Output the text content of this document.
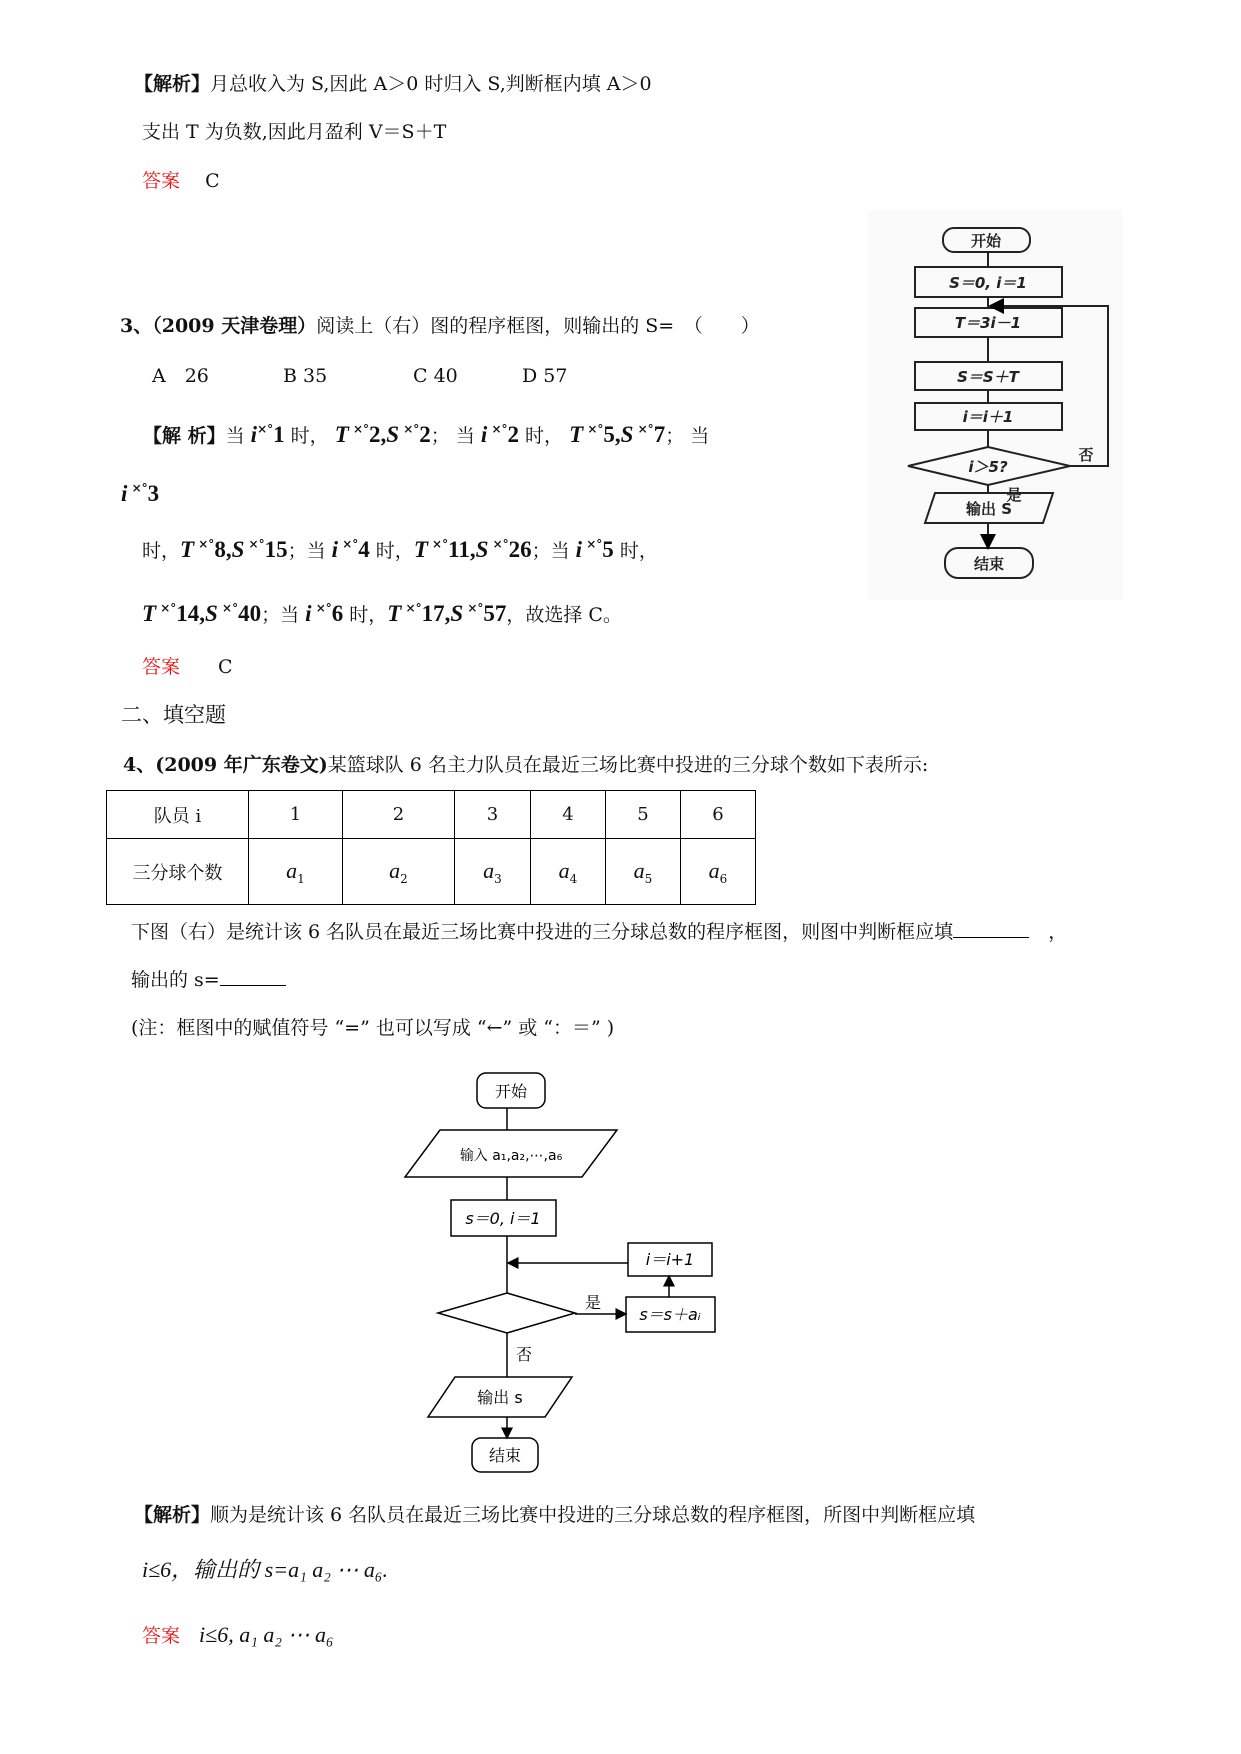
【解析】月总收入为 S,因此 A＞0 时归入 S,判断框内填 A＞0
支出 T 为负数,因此月盈利 V＝S＋T
答案　 C
3、（2009 天津卷理）阅读上（右）图的程序框图，则输出的 S=　（　　）
A　26	B 35	C 40	D 57
【解 析】当 i×°1 时， T ×°2,S ×°2； 当 i ×°2 时， T ×°5,S ×°7； 当
i ×°3
时，T ×°8,S ×°15；当 i ×°4 时，T ×°11,S ×°26；当 i ×°5 时，
T ×°14,S ×°40；当 i ×°6 时，T ×°17,S ×°57，故选择 C。
答案　　 C
二、填空题
4、(2009 年广东卷文)某篮球队 6 名主力队员在最近三场比赛中投进的三分球个数如下表所示:
队员 i	1	2	3	4	5	6
三分球个数	$a_1$	$a_2$	$a_3$	$a_4$	$a_5$	$a_6$
下图（右）是统计该 6 名队员在最近三场比赛中投进的三分球总数的程序框图，则图中判断框应填　	，
输出的 s=
(注：框图中的赋值符号 “=” 也可以写成 “←” 或 “：＝” )
【解析】顺为是统计该 6 名队员在最近三场比赛中投进的三分球总数的程序框图，所图中判断框应填
i≤6，输出的 s=a₁ a₂ ⋯ a₆.
答案　 i≤6, a₁ a₂ ⋯ a₆
开始
S＝0, i＝1
T＝3i－1
S＝S＋T
i＝i＋1
i＞5?
否
是
输出 S
结束
开始
输入 a₁,a₂,⋯,a₆
s＝0, i＝1
i＝i+1
s＝s＋aᵢ
是
否
输出 s
结束
